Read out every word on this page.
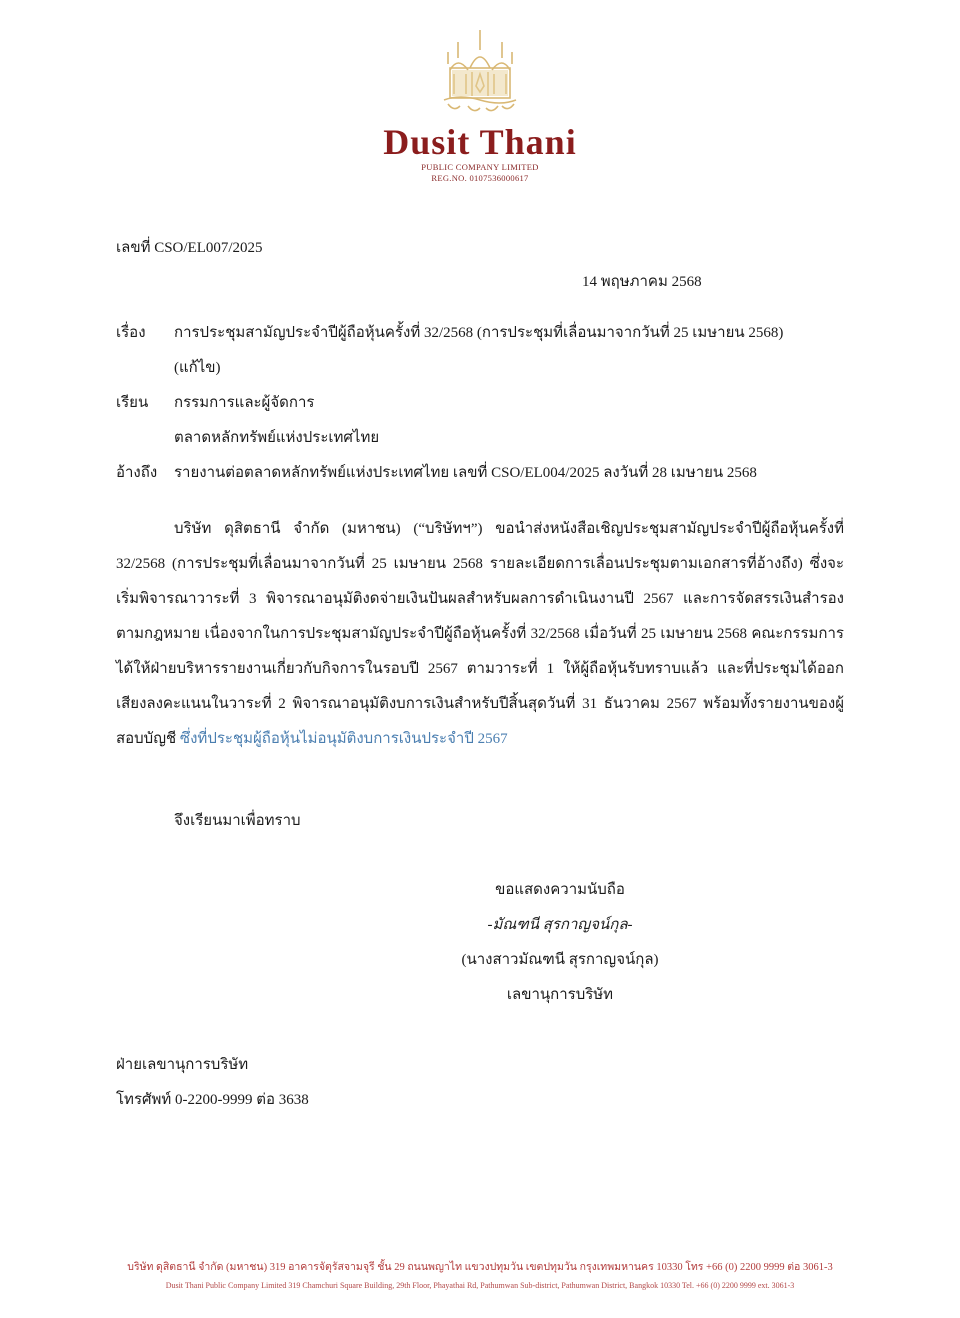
Dusit Thani
PUBLIC COMPANY LIMITED
REG.NO. 0107536000617
เลขที่ CSO/EL007/2025
14 พฤษภาคม 2568
เรื่อง การประชุมสามัญประจำปีผู้ถือหุ้นครั้งที่ 32/2568 (การประชุมที่เลื่อนมาจากวันที่ 25 เมษายน 2568)
(แก้ไข)
เรียน กรรมการและผู้จัดการ
ตลาดหลักทรัพย์แห่งประเทศไทย
อ้างถึง รายงานต่อตลาดหลักทรัพย์แห่งประเทศไทย เลขที่ CSO/EL004/2025 ลงวันที่ 28 เมษายน 2568
บริษัท ดุสิตธานี จำกัด (มหาชน) (“บริษัทฯ”) ขอนำส่งหนังสือเชิญประชุมสามัญประจำปีผู้ถือหุ้นครั้งที่ 32/2568 (การประชุมที่เลื่อนมาจากวันที่ 25 เมษายน 2568 รายละเอียดการเลื่อนประชุมตามเอกสารที่อ้างถึง) ซึ่งจะเริ่มพิจารณาวาระที่ 3 พิจารณาอนุมัติงดจ่ายเงินปันผลสำหรับผลการดำเนินงานปี 2567 และการจัดสรรเงินสำรองตามกฎหมาย เนื่องจากในการประชุมสามัญประจำปีผู้ถือหุ้นครั้งที่ 32/2568 เมื่อวันที่ 25 เมษายน 2568 คณะกรรมการได้ให้ฝ่ายบริหารรายงานเกี่ยวกับกิจการในรอบปี 2567 ตามวาระที่ 1 ให้ผู้ถือหุ้นรับทราบแล้ว และที่ประชุมได้ออกเสียงลงคะแนนในวาระที่ 2 พิจารณาอนุมัติงบการเงินสำหรับปีสิ้นสุดวันที่ 31 ธันวาคม 2567 พร้อมทั้งรายงานของผู้สอบบัญชี ซึ่งที่ประชุมผู้ถือหุ้นไม่อนุมัติงบการเงินประจำปี 2567
จึงเรียนมาเพื่อทราบ
ขอแสดงความนับถือ
-มัณฑนี สุรกาญจน์กุล-
(นางสาวมัณฑนี สุรกาญจน์กุล)
เลขานุการบริษัท
ฝ่ายเลขานุการบริษัท
โทรศัพท์ 0-2200-9999 ต่อ 3638
บริษัท ดุสิตธานี จำกัด (มหาชน) 319 อาคารจัตุรัสจามจุรี ชั้น 29 ถนนพญาไท แขวงปทุมวัน เขตปทุมวัน กรุงเทพมหานคร 10330 โทร +66 (0) 2200 9999 ต่อ 3061-3
Dusit Thani Public Company Limited 319 Chamchuri Square Building, 29th Floor, Phayathai Rd, Pathumwan Sub-district, Pathumwan District, Bangkok 10330 Tel. +66 (0) 2200 9999 ext. 3061-3
